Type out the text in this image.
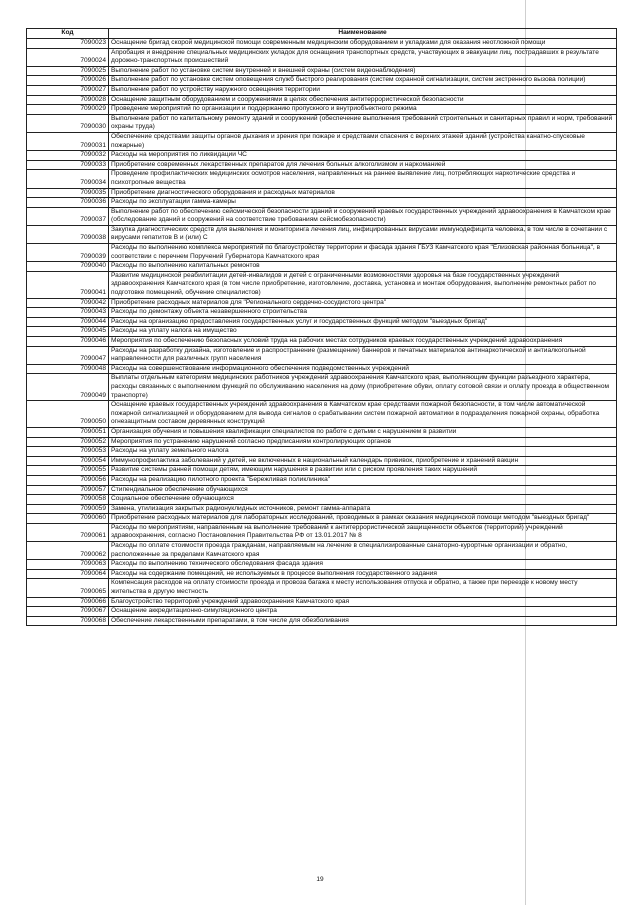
Код	Наименование
7090023	Оснащение бригад скорой медицинской помощи современным медицинским оборудованием и укладками для оказания неотложной помощи
7090024	Апробация и внедрение специальных медицинских укладок для оснащения транспортных средств, участвующих в эвакуации лиц, пострадавших в результате дорожно-транспортных происшествий
7090025	Выполнение работ по установке систем внутренней и внешней охраны (систем видеонаблюдения)
7090026	Выполнение работ по установке систем оповещения служб быстрого реагирования (систем охранной сигнализации, систем экстренного вызова полиции)
7090027	Выполнение работ по устройству наружного освещения территории
7090028	Оснащение защитным оборудованием и сооружениями в целях обеспечения антитеррористической безопасности
7090029	Проведение мероприятий по организации и поддержанию пропускного и внутриобъектного режима
7090030	Выполнение работ по капитальному ремонту зданий и сооружений (обеспечение выполнения требований строительных и санитарных правил и норм, требований охраны труда)
7090031	Обеспечение средствами защиты органов дыхания и зрения при пожаре и средствами спасения с верхних этажей зданий (устройства канатно-спусковые пожарные)
7090032	Расходы на мероприятия по ликвидации ЧС
7090033	Приобретение современных лекарственных препаратов для лечения больных алкоголизмом и наркоманией
7090034	Проведение профилактических медицинских осмотров населения, направленных на раннее выявление лиц, потребляющих наркотические средства и психотропные вещества
7090035	Приобретение диагностического оборудования и расходных материалов
7090036	Расходы по эксплуатации гамма-камеры
7090037	Выполнение работ по обеспечению сейсмической безопасности зданий и сооружений краевых государственных учреждений здравоохранения в Камчатском крае (обследование зданий и сооружений на соответствие требованиям сейсмобезопасности)
7090038	Закупка диагностических средств для выявления и мониторинга лечения лиц, инфицированных вирусами иммунодефицита человека, в том числе в сочетании с вирусами гепатитов В и (или) С
7090039	Расходы по выполнению комплекса мероприятий по благоустройству территории и фасада здания ГБУЗ Камчатского края "Елизовская районная больница", в соответствии с перечнем Поручений Губернатора Камчатского края
7090040	Расходы по выполнению капитальных ремонтов
7090041	Развитие медицинской реабилитации детей-инвалидов и детей с ограниченными возможностями здоровья на базе государственных учреждений здравоохранения Камчатского края (в том числе приобретение, изготовление, доставка, установка и монтаж оборудования, выполнение ремонтных работ по подготовке помещений, обучение специалистов)
7090042	Приобретение расходных материалов для "Регионального сердечно-сосудистого центра"
7090043	Расходы по демонтажу объекта незавершенного строительства
7090044	Расходы на организацию предоставления государственных услуг и государственных функций методом "выездных бригад"
7090045	Расходы на уплату налога на имущество
7090046	Мероприятия по обеспечению безопасных условий труда на рабочих местах сотрудников краевых государственных учреждений здравоохранения
7090047	Расходы на разработку дизайна, изготовление и распространение (размещение) баннеров и печатных материалов антинаркотической и антиалкогольной направленности для различных групп населения
7090048	Расходы на совершенствование информационного обеспечения подведомственных учреждений
7090049	Выплаты отдельным категориям медицинских работников учреждений здравоохранения Камчатского края, выполняющим функции разъездного характера, расходы связанных с выполнением функций по обслуживанию населения на дому (приобретение обуви, оплату сотовой связи и оплату проезда в общественном транспорте)
7090050	Оснащение краевых государственных учреждений здравоохранения в Камчатском крае средствами пожарной безопасности, в том числе автоматической пожарной сигнализацией и оборудованием для вывода сигналов о срабатывании систем пожарной автоматики в подразделения пожарной охраны, обработка огнезащитным составом деревянных конструкций
7090051	Организация обучения и повышения квалификации специалистов по работе с детьми с нарушением в развитии
7090052	Мероприятия по устранению нарушений согласно предписаниям контролирующих органов
7090053	Расходы на уплату земельного налога
7090054	Иммунопрофилактика заболеваний у детей, не включенных в национальный календарь прививок, приобретение и хранений вакцин
7090055	Развитие системы ранней помощи детям, имеющим нарушения в развитии или с риском проявления таких нарушений
7090056	Расходы на реализацию пилотного проекта "Бережливая поликлиника"
7090057	Стипендиальное обеспечение обучающихся
7090058	Социальное обеспечение обучающихся
7090059	Замена, утилизация закрытых радионуклидных источников, ремонт гамма-аппарата
7090060	Приобретение расходных материалов для лабораторных исследований, проводимых в рамках оказания медицинской помощи методом "выездных бригад"
7090061	Расходы по мероприятиям, направленным на выполнение требований к антитеррористической защищенности объектов (территорий) учреждений здравоохранения, согласно Постановления Правительства РФ от 13.01.2017 № 8
7090062	Расходы по оплате стоимости проезда гражданам, направляемым на лечение в специализированные санаторно-курортные организации и обратно, расположенные за пределами Камчатского края
7090063	Расходы по выполнению технического обследования фасада здания
7090064	Расходы на содержание помещений, не используемых в процессе выполнения государственного задания
7090065	Компенсация расходов на оплату стоимости проезда и провоза багажа к месту использования отпуска и обратно, а также при переезде к новому месту жительства в другую местность
7090066	Благоустройство территорий учреждений здравоохранения Камчатского края
7090067	Оснащение аккредитационно-симуляционного центра
7090068	Обеспечение лекарственными препаратами, в том числе для обезболивания
19
